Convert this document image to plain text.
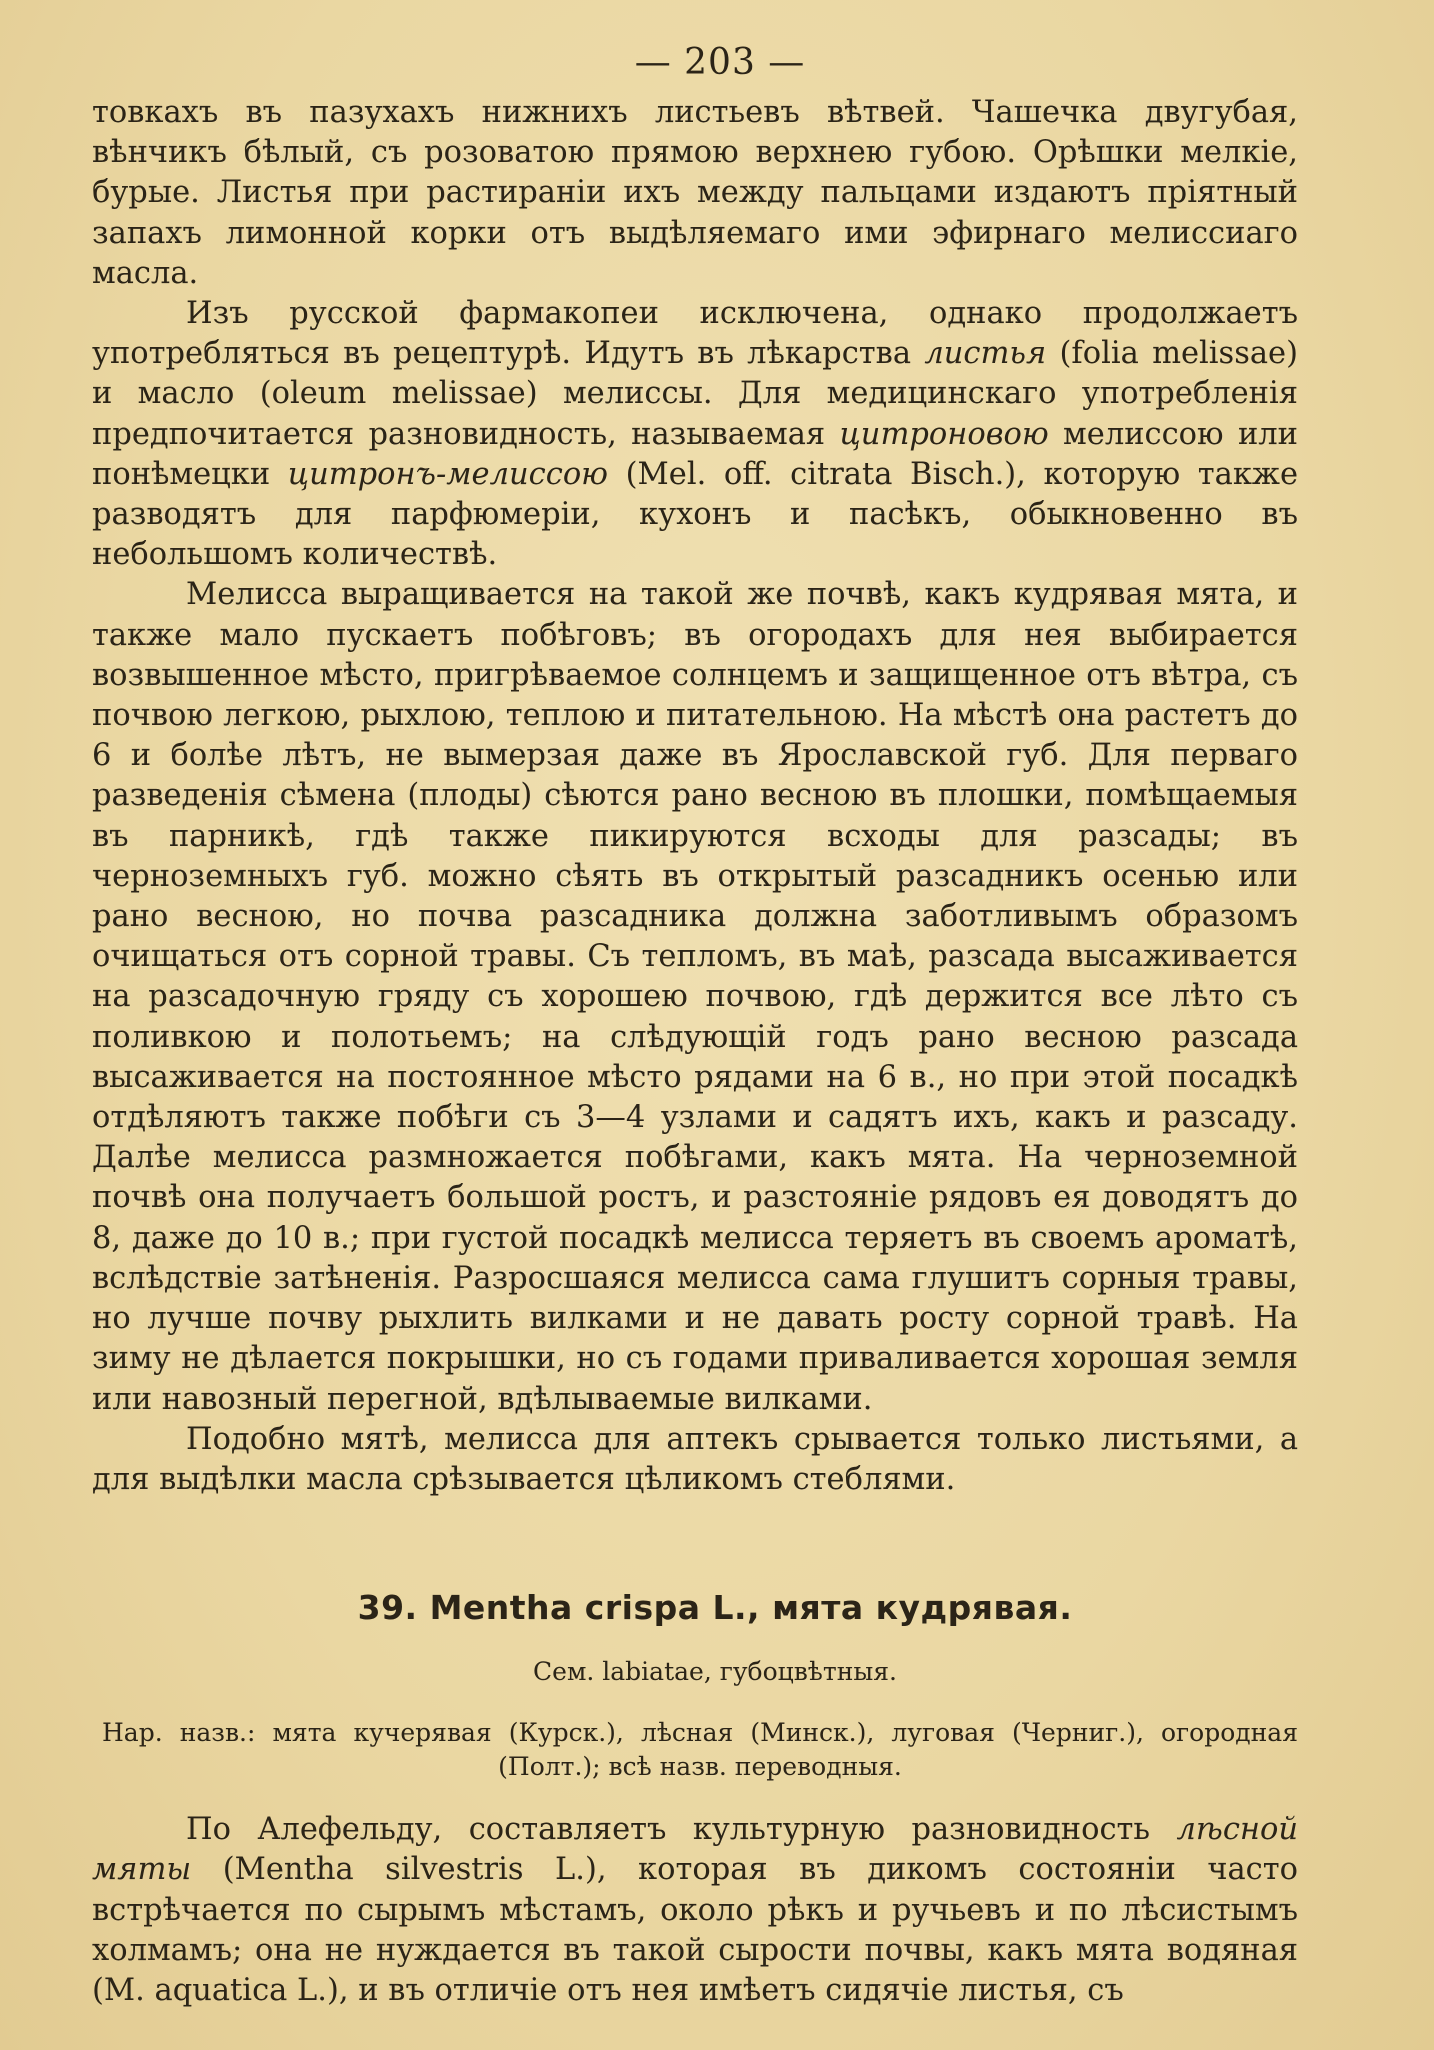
— 203 —

товкахъ въ пазухахъ нижнихъ листьевъ вѣтвей. Чашечка двугубая, вѣнчикъ бѣлый, съ розоватою прямою верхнею губою. Орѣшки мелкіе, бурые. Листья при растираніи ихъ между пальцами издаютъ пріятный запахъ лимонной корки отъ выдѣляемаго ими эфирнаго мелиссиаго масла.

Изъ русской фармакопеи исключена, однако продолжаетъ употребляться въ рецептурѣ. Идутъ въ лѣкарства листья (folia melissae) и масло (oleum melissae) мелиссы. Для медицинскаго употребленія предпочитается разновидность, называемая цитроновою мелиссою или понѣмецки цитронъ-мелиссою (Mel. off. citrata Bisch.), которую также разводятъ для парфюмеріи, кухонъ и пасѣкъ, обыкновенно въ небольшомъ количествѣ.

Мелисса выращивается на такой же почвѣ, какъ кудрявая мята, и также мало пускаетъ побѣговъ; въ огородахъ для нея выбирается возвышенное мѣсто, пригрѣваемое солнцемъ и защищенное отъ вѣтра, съ почвою легкою, рыхлою, теплою и питательною. На мѣстѣ она растетъ до 6 и болѣе лѣтъ, не вымерзая даже въ Ярославской губ. Для перваго разведенія сѣмена (плоды) сѣются рано весною въ плошки, помѣщаемыя въ парникѣ, гдѣ также пикируются всходы для разсады; въ черноземныхъ губ. можно сѣять въ открытый разсадникъ осенью или рано весною, но почва разсадника должна заботливымъ образомъ очищаться отъ сорной травы. Съ тепломъ, въ маѣ, разсада высаживается на разсадочную гряду съ хорошею почвою, гдѣ держится все лѣто съ поливкою и полотьемъ; на слѣдующій годъ рано весною разсада высаживается на постоянное мѣсто рядами на 6 в., но при этой посадкѣ отдѣляютъ также побѣги съ 3—4 узлами и садятъ ихъ, какъ и разсаду. Далѣе мелисса размножается побѣгами, какъ мята. На черноземной почвѣ она получаетъ большой ростъ, и разстояніе рядовъ ея доводятъ до 8, даже до 10 в.; при густой посадкѣ мелисса теряетъ въ своемъ ароматѣ, вслѣдствіе затѣненія. Разросшаяся мелисса сама глушитъ сорныя травы, но лучше почву рыхлить вилками и не давать росту сорной травѣ. На зиму не дѣлается покрышки, но съ годами приваливается хорошая земля или навозный перегной, вдѣлываемые вилками.

Подобно мятѣ, мелисса для аптекъ срывается только листьями, а для выдѣлки масла срѣзывается цѣликомъ стеблями.

39. Mentha crispa L., мята кудрявая.
Сем. labiatae, губоцвѣтныя.
Нар. назв.: мята кучерявая (Курск.), лѣсная (Минск.), луговая (Черниг.), огородная (Полт.); всѣ назв. переводныя.

По Алефельду, составляетъ культурную разновидность лѣсной мяты (Mentha silvestris L.), которая въ дикомъ состояніи часто встрѣчается по сырымъ мѣстамъ, около рѣкъ и ручьевъ и по лѣсистымъ холмамъ; она не нуждается въ такой сырости почвы, какъ мята водяная (M. aquatica L.), и въ отличіе отъ нея имѣетъ сидячіе листья, съ
